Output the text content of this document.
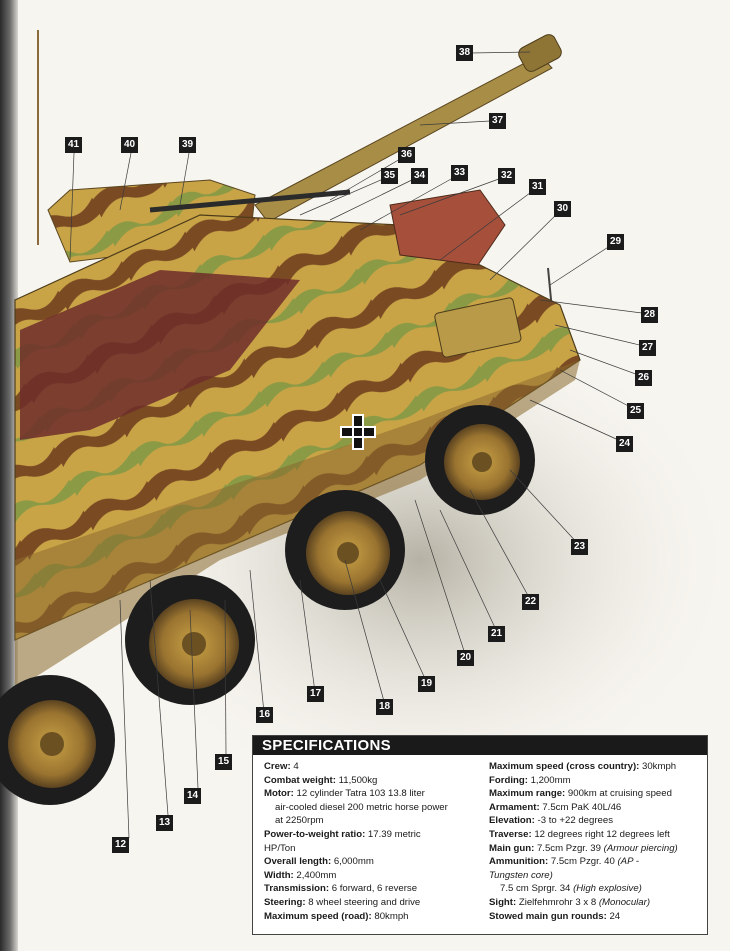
12
13
14
15
16
17
18
19
20
21
22
23
24
25
26
27
28
29
30
31
32
33
34
35
36
37
38
39
40
41
SPECIFICATIONS
Crew: 4
Combat weight: 11,500kg
Motor: 12 cylinder Tatra 103 13.8 liter
air-cooled diesel 200 metric horse power
at 2250rpm
Power-to-weight ratio: 17.39 metric
HP/Ton
Overall length: 6,000mm
Width: 2,400mm
Transmission: 6 forward, 6 reverse
Steering: 8 wheel steering and drive
Maximum speed (road): 80kmph
Maximum speed (cross country): 30kmph
Fording: 1,200mm
Maximum range: 900km at cruising speed
Armament: 7.5cm PaK 40L/46
Elevation: -3 to +22 degrees
Traverse: 12 degrees right 12 degrees left
Main gun: 7.5cm Pzgr. 39 (Armour piercing)
Ammunition: 7.5cm Pzgr. 40 (AP -
Tungsten core)
7.5 cm Sprgr. 34 (High explosive)
Sight: Zielfehmrohr 3 x 8 (Monocular)
Stowed main gun rounds: 24
